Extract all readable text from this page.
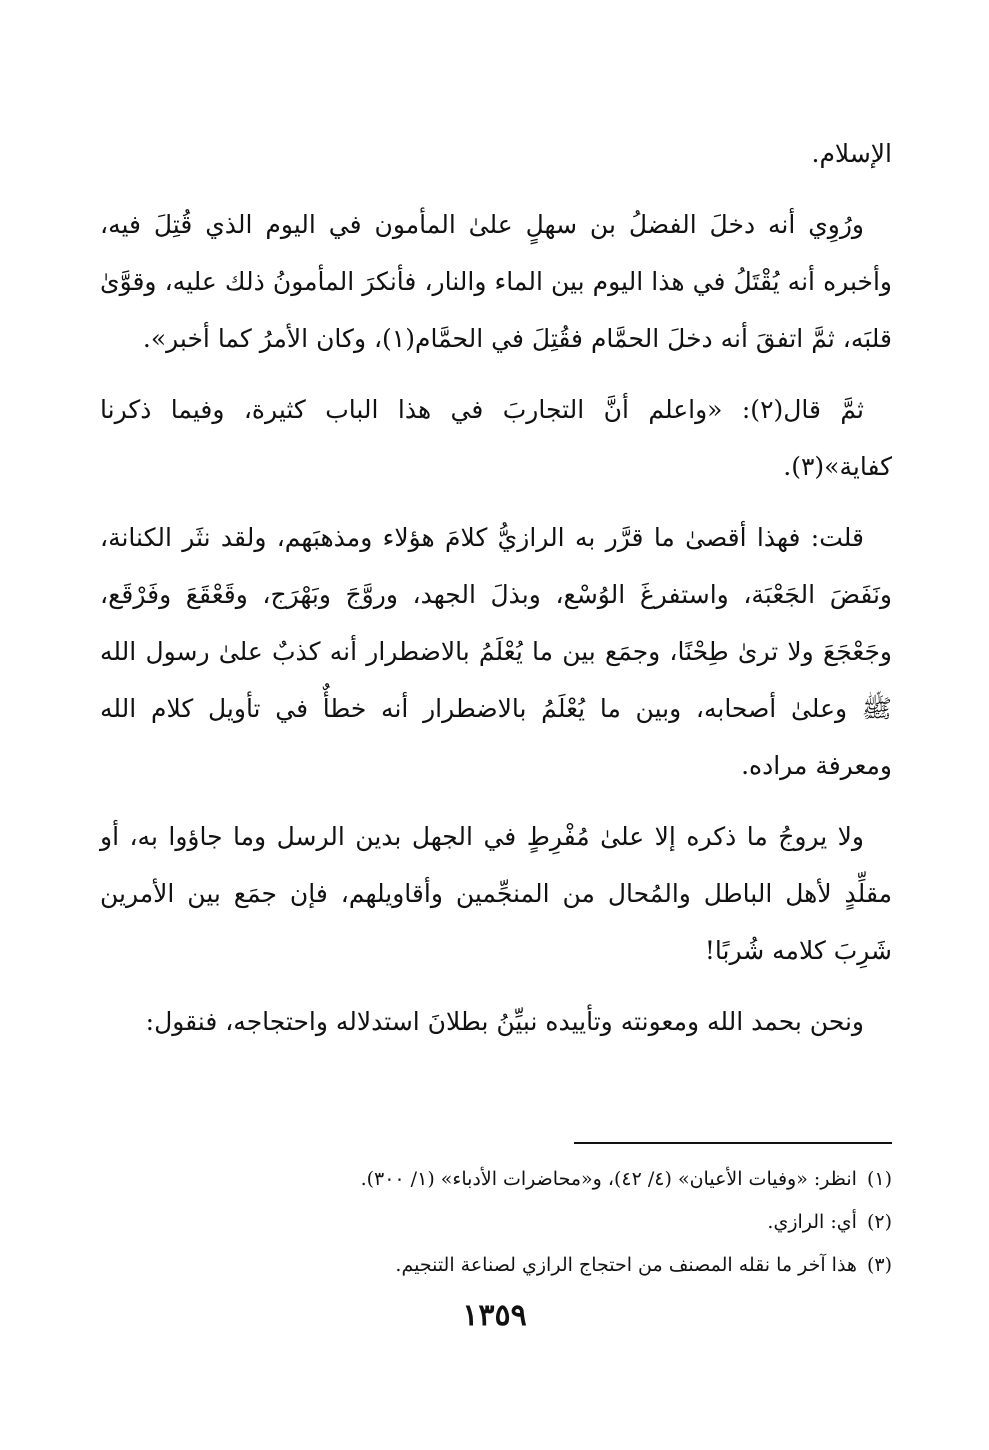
الإسلام.

ورُوِي أنه دخلَ الفضلُ بن سهلٍ علىٰ المأمون في اليوم الذي قُتِلَ فيه، وأخبره أنه يُقْتَلُ في هذا اليوم بين الماء والنار، فأنكرَ المأمونُ ذلك عليه، وقوَّىٰ قلبَه، ثمَّ اتفقَ أنه دخلَ الحمَّام فقُتِلَ في الحمَّام(١)، وكان الأمرُ كما أخبر».

ثمَّ قال(٢): «واعلم أنَّ التجاربَ في هذا الباب كثيرة، وفيما ذكرنا كفاية»(٣).

قلت: فهذا أقصىٰ ما قرَّر به الرازيُّ كلامَ هؤلاء ومذهبَهم، ولقد نثَر الكنانة، ونَفَضَ الجَعْبَة، واستفرغَ الوُسْع، وبذلَ الجهد، وروَّجَ وبَهْرَج، وقَعْقَعَ وفَرْقَع، وجَعْجَعَ ولا ترىٰ طِحْنًا، وجمَع بين ما يُعْلَمُ بالاضطرار أنه كذبٌ علىٰ رسول الله ﷺ وعلىٰ أصحابه، وبين ما يُعْلَمُ بالاضطرار أنه خطأٌ في تأويل كلام الله ومعرفة مراده.

ولا يروجُ ما ذكره إلا علىٰ مُفْرِطٍ في الجهل بدين الرسل وما جاؤوا به، أو مقلِّدٍ لأهل الباطل والمُحال من المنجِّمين وأقاويلهم، فإن جمَع بين الأمرين شَرِبَ كلامه شُربًا!

ونحن بحمد الله ومعونته وتأييده نبيِّنُ بطلانَ استدلاله واحتجاجه، فنقول:

(١)انظر: «وفيات الأعيان» (٤/ ٤٢)، و«محاضرات الأدباء» (١/ ٣٠٠).
(٢)أي: الرازي.
(٣)هذا آخر ما نقله المصنف من احتجاج الرازي لصناعة التنجيم.
١٣٥٩
